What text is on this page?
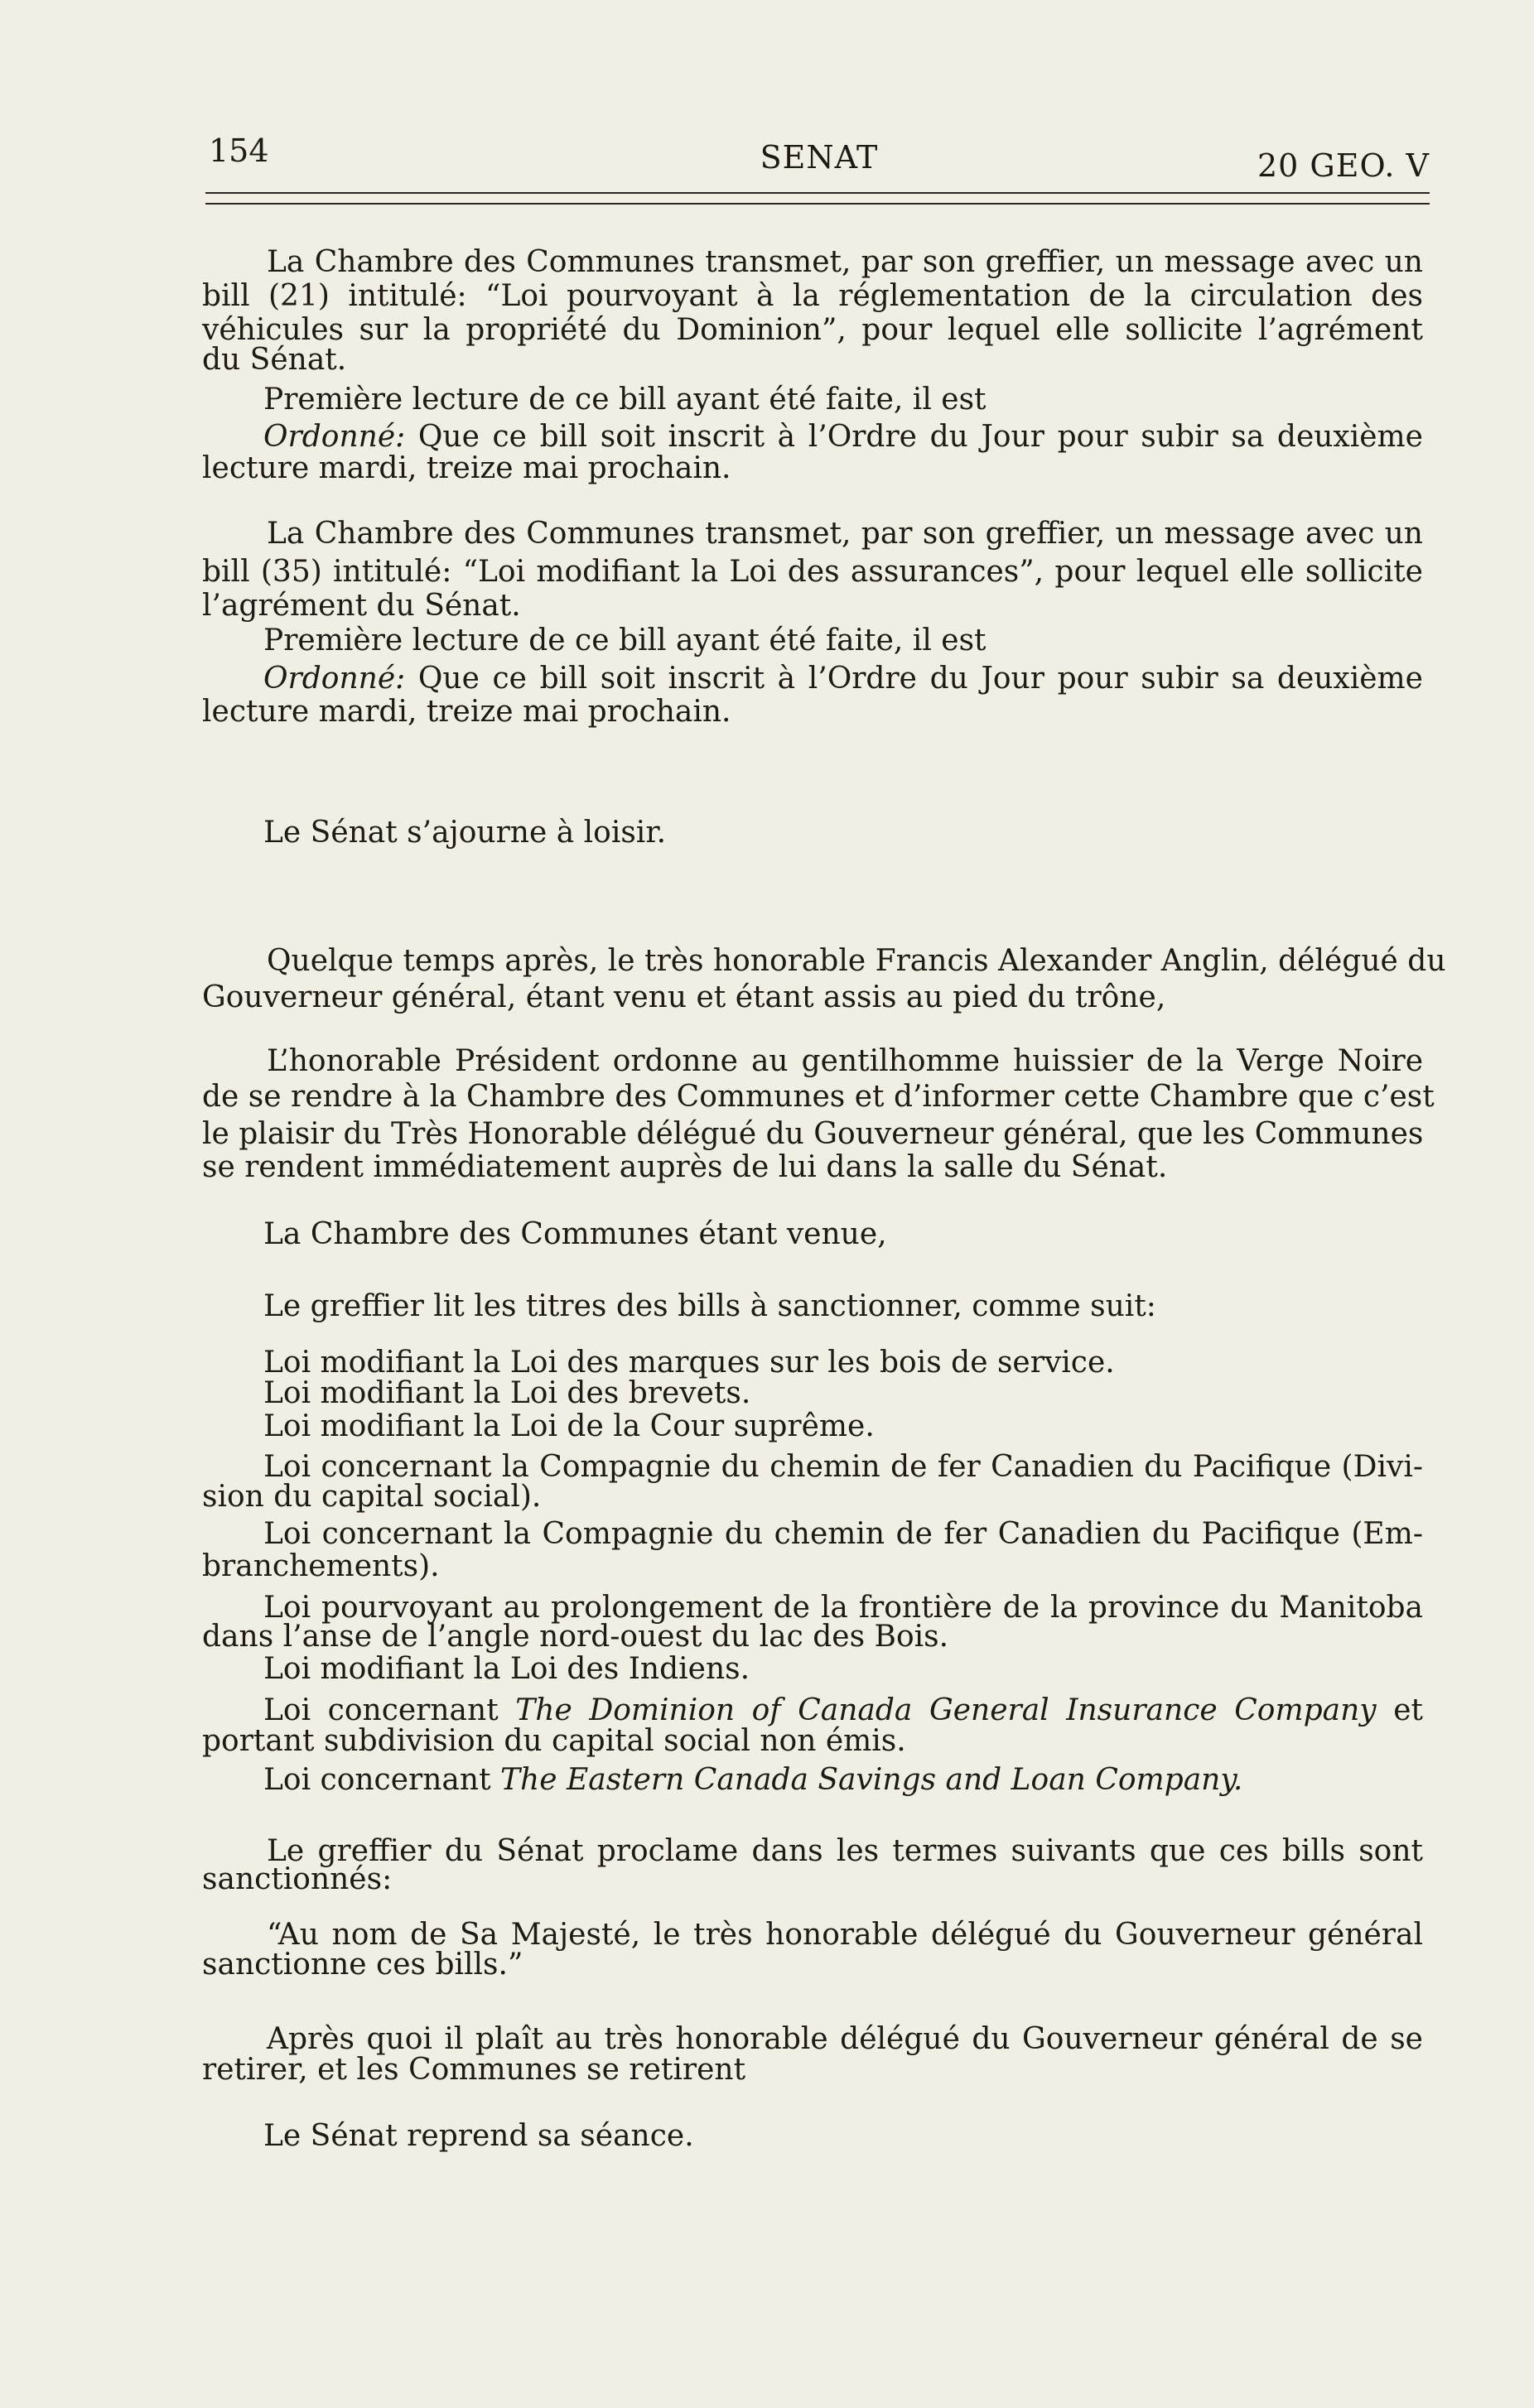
154	SENAT	20 GEO. V
La Chambre des Communes transmet, par son greffier, un message avec un
bill (21) intitulé: “Loi pourvoyant à la réglementation de la circulation des
véhicules sur la propriété du Dominion”, pour lequel elle sollicite l’agrément
du Sénat.
Première lecture de ce bill ayant été faite, il est
Ordonné: Que ce bill soit inscrit à l’Ordre du Jour pour subir sa deuxième
lecture mardi, treize mai prochain.
La Chambre des Communes transmet, par son greffier, un message avec un
bill (35) intitulé: “Loi modifiant la Loi des assurances”, pour lequel elle sollicite
l’agrément du Sénat.
Première lecture de ce bill ayant été faite, il est
Ordonné: Que ce bill soit inscrit à l’Ordre du Jour pour subir sa deuxième
lecture mardi, treize mai prochain.
Le Sénat s’ajourne à loisir.
Quelque temps après, le très honorable Francis Alexander Anglin, délégué du
Gouverneur général, étant venu et étant assis au pied du trône,
L’honorable Président ordonne au gentilhomme huissier de la Verge Noire
de se rendre à la Chambre des Communes et d’informer cette Chambre que c’est
le plaisir du Très Honorable délégué du Gouverneur général, que les Communes
se rendent immédiatement auprès de lui dans la salle du Sénat.
La Chambre des Communes étant venue,
Le greffier lit les titres des bills à sanctionner, comme suit:
Loi modifiant la Loi des marques sur les bois de service.
Loi modifiant la Loi des brevets.
Loi modifiant la Loi de la Cour suprême.
Loi concernant la Compagnie du chemin de fer Canadien du Pacifique (Divi-
sion du capital social).
Loi concernant la Compagnie du chemin de fer Canadien du Pacifique (Em-
branchements).
Loi pourvoyant au prolongement de la frontière de la province du Manitoba
dans l’anse de l’angle nord-ouest du lac des Bois.
Loi modifiant la Loi des Indiens.
Loi concernant The Dominion of Canada General Insurance Company et
portant subdivision du capital social non émis.
Loi concernant The Eastern Canada Savings and Loan Company.
Le greffier du Sénat proclame dans les termes suivants que ces bills sont
sanctionnés:
“Au nom de Sa Majesté, le très honorable délégué du Gouverneur général
sanctionne ces bills.”
Après quoi il plaît au très honorable délégué du Gouverneur général de se
retirer, et les Communes se retirent
Le Sénat reprend sa séance.
